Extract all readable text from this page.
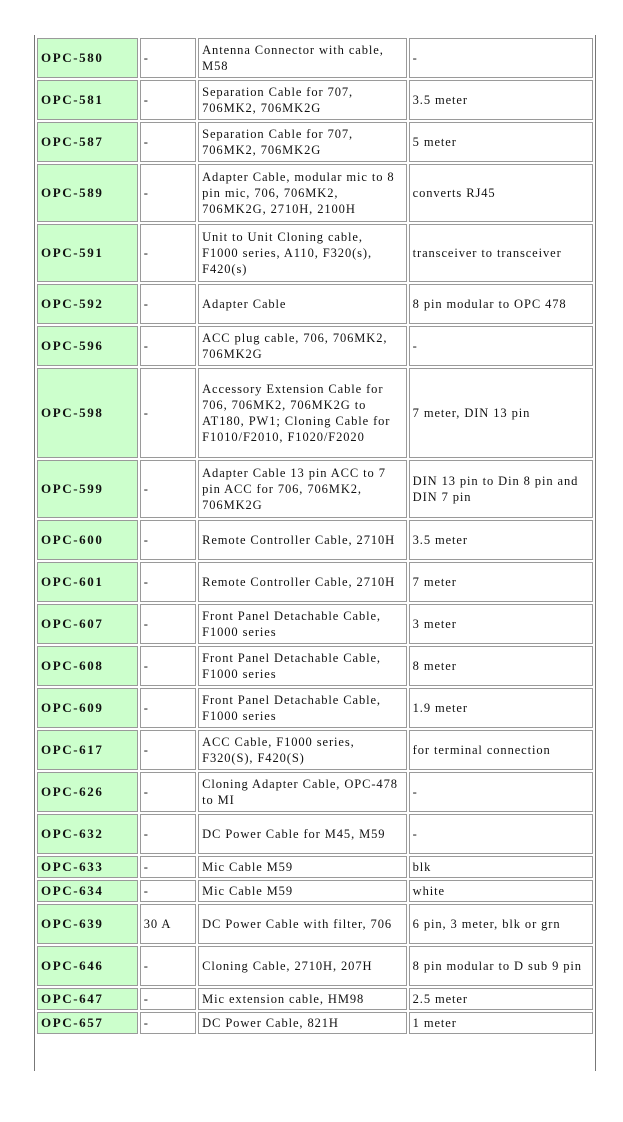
OPC-580	-	Antenna Connector with cable, M58	-
OPC-581	-	Separation Cable for 707, 706MK2, 706MK2G	3.5 meter
OPC-587	-	Separation Cable for 707, 706MK2, 706MK2G	5 meter
OPC-589	-	Adapter Cable, modular mic to 8 pin mic, 706, 706MK2, 706MK2G, 2710H, 2100H	converts RJ45
OPC-591	-	Unit to Unit Cloning cable, F1000 series, A110, F320(s), F420(s)	transceiver to transceiver
OPC-592	-	Adapter Cable	8 pin modular to OPC 478
OPC-596	-	ACC plug cable, 706, 706MK2, 706MK2G	-
OPC-598	-	Accessory Extension Cable for 706, 706MK2, 706MK2G to AT180, PW1; Cloning Cable for F1010/F2010, F1020/F2020	7 meter, DIN 13 pin
OPC-599	-	Adapter Cable 13 pin ACC to 7 pin ACC for 706, 706MK2, 706MK2G	DIN 13 pin to Din 8 pin and DIN 7 pin
OPC-600	-	Remote Controller Cable, 2710H	3.5 meter
OPC-601	-	Remote Controller Cable, 2710H	7 meter
OPC-607	-	Front Panel Detachable Cable, F1000 series	3 meter
OPC-608	-	Front Panel Detachable Cable, F1000 series	8 meter
OPC-609	-	Front Panel Detachable Cable, F1000 series	1.9 meter
OPC-617	-	ACC Cable, F1000 series, F320(S), F420(S)	for terminal connection
OPC-626	-	Cloning Adapter Cable, OPC-478 to MI	-
OPC-632	-	DC Power Cable for M45, M59	-
OPC-633	-	Mic Cable M59	blk
OPC-634	-	Mic Cable M59	white
OPC-639	30 A	DC Power Cable with filter, 706	6 pin, 3 meter, blk or grn
OPC-646	-	Cloning Cable, 2710H, 207H	8 pin modular to D sub 9 pin
OPC-647	-	Mic extension cable, HM98	2.5 meter
OPC-657	-	DC Power Cable, 821H	1 meter
